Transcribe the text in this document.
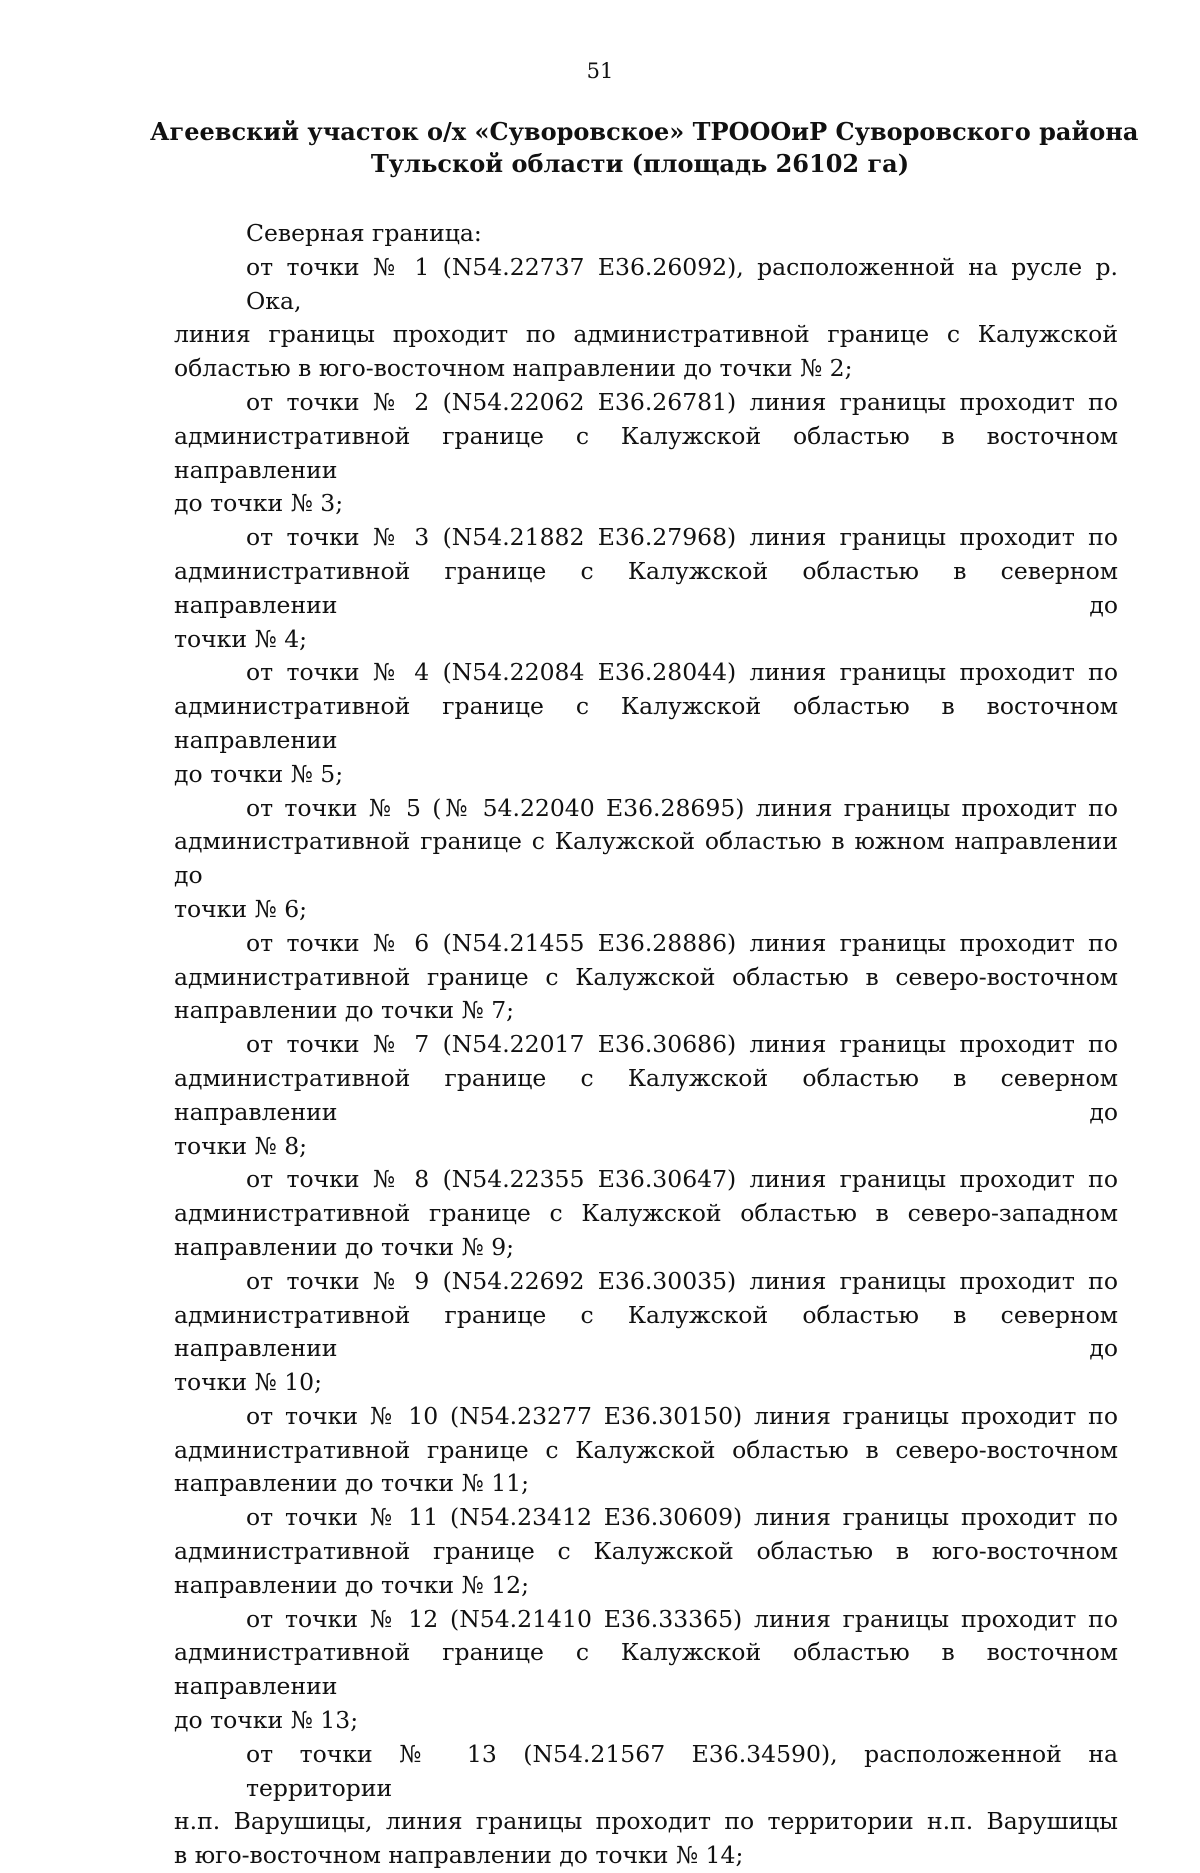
51
Агеевский участок о/х «Суворовское» ТРОООиР Суворовского района
Тульской области (площадь 26102 га)
Северная граница:
от точки № 1 (N54.22737 E36.26092), расположенной на русле р. Ока,
линия границы проходит по административной границе с Калужской
областью в юго-восточном направлении до точки № 2;
от точки № 2 (N54.22062 E36.26781) линия границы проходит по
административной границе с Калужской областью в восточном направлении
до точки № 3;
от точки № 3 (N54.21882 E36.27968) линия границы проходит по
административной границе с Калужской областью в северном направлении до
точки № 4;
от точки № 4 (N54.22084 E36.28044) линия границы проходит по
административной границе с Калужской областью в восточном направлении
до точки № 5;
от точки № 5 (№ 54.22040 E36.28695) линия границы проходит по
административной границе с Калужской областью в южном направлении до
точки № 6;
от точки № 6 (N54.21455 E36.28886) линия границы проходит по
административной границе с Калужской областью в северо-восточном
направлении до точки № 7;
от точки № 7 (N54.22017 E36.30686) линия границы проходит по
административной границе с Калужской областью в северном направлении до
точки № 8;
от точки № 8 (N54.22355 E36.30647) линия границы проходит по
административной границе с Калужской областью в северо-западном
направлении до точки № 9;
от точки № 9 (N54.22692 E36.30035) линия границы проходит по
административной границе с Калужской областью в северном направлении до
точки № 10;
от точки № 10 (N54.23277 E36.30150) линия границы проходит по
административной границе с Калужской областью в северо-восточном
направлении до точки № 11;
от точки № 11 (N54.23412 E36.30609) линия границы проходит по
административной границе с Калужской областью в юго-восточном
направлении до точки № 12;
от точки № 12 (N54.21410 E36.33365) линия границы проходит по
административной границе с Калужской областью в восточном направлении
до точки № 13;
от точки № 13 (N54.21567 E36.34590), расположенной на территории
н.п. Варушицы, линия границы проходит по территории н.п. Варушицы
в юго-восточном направлении до точки № 14;
